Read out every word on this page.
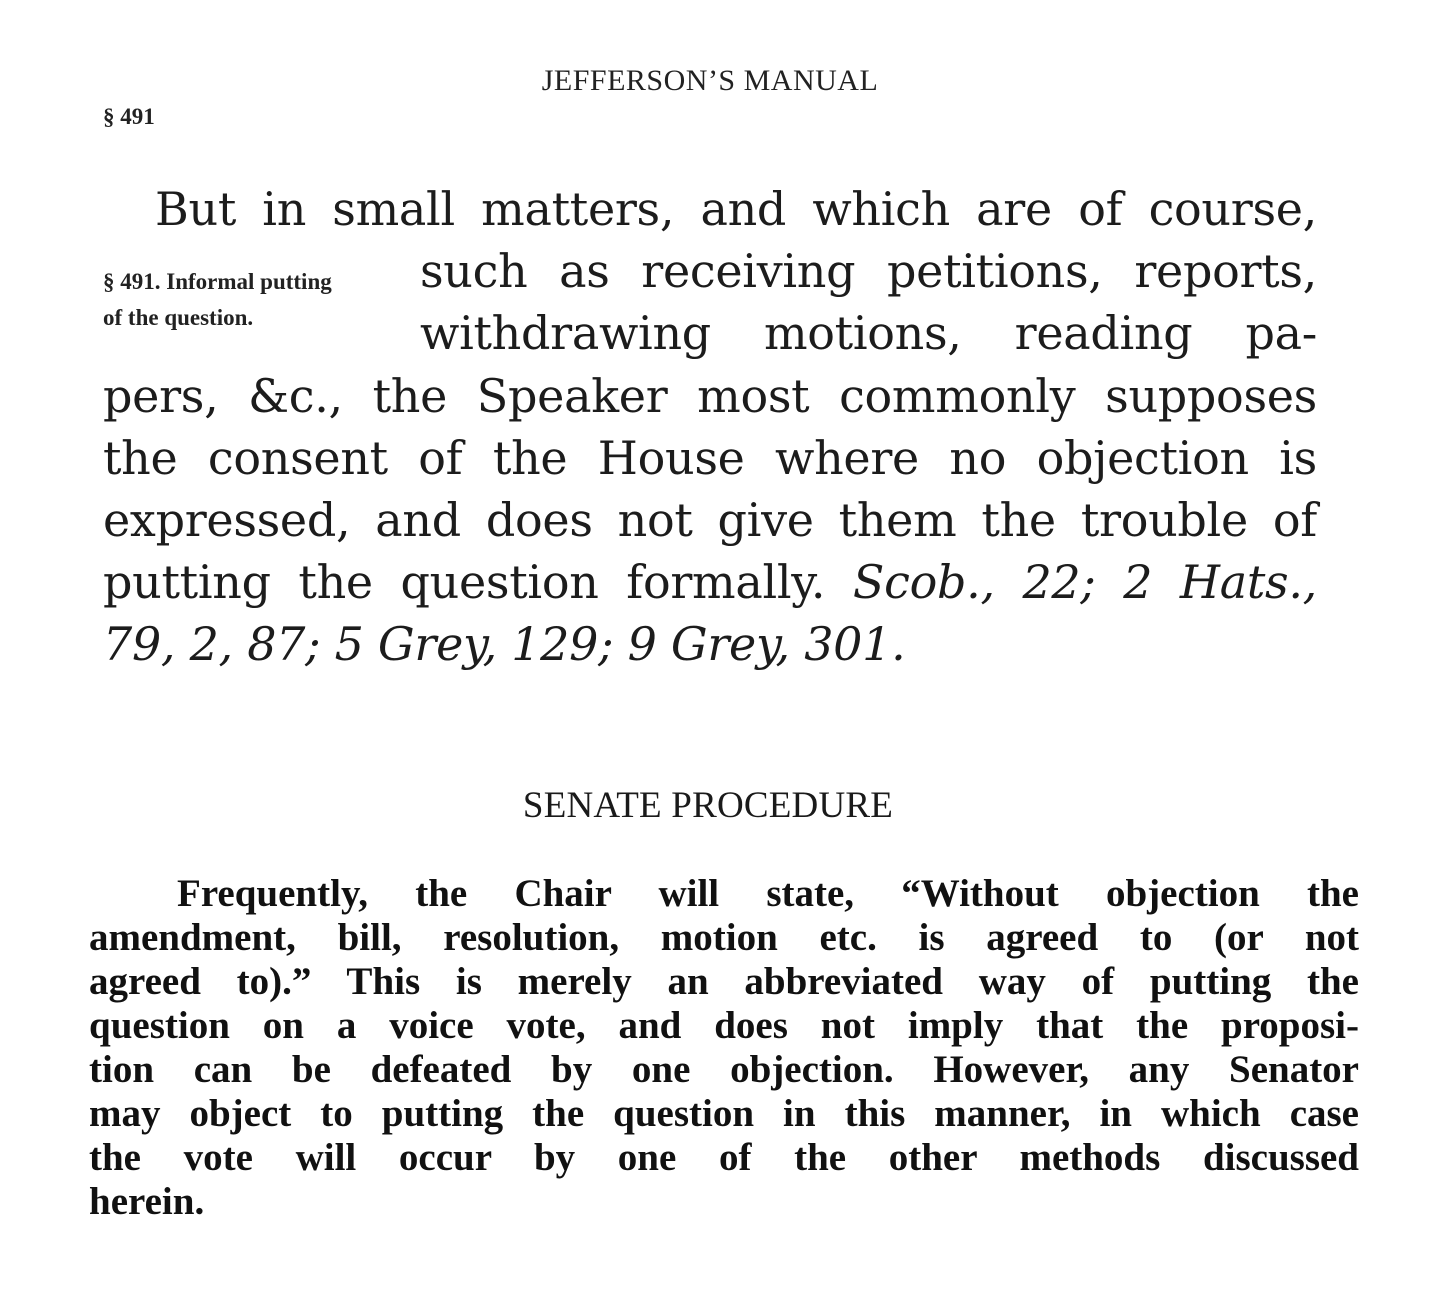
JEFFERSON’S MANUAL
§ 491
§ 491. Informal putting
of the question.
But in small matters, and which are of course,
such as receiving petitions, reports,
withdrawing motions, reading pa-
pers, &c., the Speaker most commonly supposes
the consent of the House where no objection is
expressed, and does not give them the trouble of
putting the question formally. Scob., 22; 2 Hats.,
79, 2, 87; 5 Grey, 129; 9 Grey, 301.
SENATE PROCEDURE
Frequently, the Chair will state, “Without objection the
amendment, bill, resolution, motion etc. is agreed to (or not
agreed to).” This is merely an abbreviated way of putting the
question on a voice vote, and does not imply that the proposi-
tion can be defeated by one objection. However, any Senator
may object to putting the question in this manner, in which case
the vote will occur by one of the other methods discussed
herein.
